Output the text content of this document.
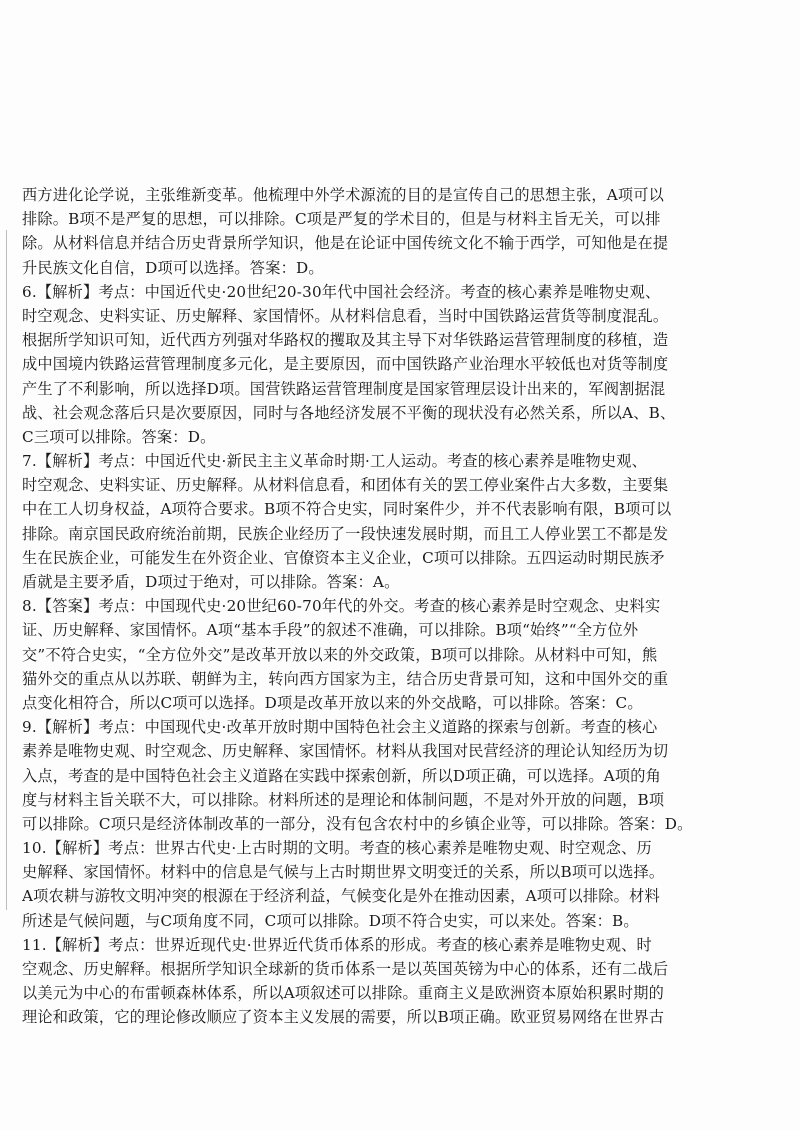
西方进化论学说，主张维新变革。他梳理中外学术源流的目的是宣传自己的思想主张，A项可以
排除。B项不是严复的思想，可以排除。C项是严复的学术目的，但是与材料主旨无关，可以排
除。从材料信息并结合历史背景所学知识，他是在论证中国传统文化不输于西学，可知他是在提
升民族文化自信，D项可以选择。答案：D。
6.【解析】考点：中国近代史·20世纪20-30年代中国社会经济。考查的核心素养是唯物史观、
时空观念、史料实证、历史解释、家国情怀。从材料信息看，当时中国铁路运营货等制度混乱。
根据所学知识可知，近代西方列强对华路权的攫取及其主导下对华铁路运营管理制度的移植，造
成中国境内铁路运营管理制度多元化，是主要原因，而中国铁路产业治理水平较低也对货等制度
产生了不利影响，所以选择D项。国营铁路运营管理制度是国家管理层设计出来的，军阀割据混
战、社会观念落后只是次要原因，同时与各地经济发展不平衡的现状没有必然关系，所以A、B、
C三项可以排除。答案：D。
7.【解析】考点：中国近代史·新民主主义革命时期·工人运动。考查的核心素养是唯物史观、
时空观念、史料实证、历史解释。从材料信息看，和团体有关的罢工停业案件占大多数，主要集
中在工人切身权益，A项符合要求。B项不符合史实，同时案件少，并不代表影响有限，B项可以
排除。南京国民政府统治前期，民族企业经历了一段快速发展时期，而且工人停业罢工不都是发
生在民族企业，可能发生在外资企业、官僚资本主义企业，C项可以排除。五四运动时期民族矛
盾就是主要矛盾，D项过于绝对，可以排除。答案：A。
8.【答案】考点：中国现代史·20世纪60-70年代的外交。考查的核心素养是时空观念、史料实
证、历史解释、家国情怀。A项“基本手段”的叙述不准确，可以排除。B项“始终”“全方位外
交”不符合史实，“全方位外交”是改革开放以来的外交政策，B项可以排除。从材料中可知，熊
猫外交的重点从以苏联、朝鲜为主，转向西方国家为主，结合历史背景可知，这和中国外交的重
点变化相符合，所以C项可以选择。D项是改革开放以来的外交战略，可以排除。答案：C。
9.【解析】考点：中国现代史·改革开放时期中国特色社会主义道路的探索与创新。考查的核心
素养是唯物史观、时空观念、历史解释、家国情怀。材料从我国对民营经济的理论认知经历为切
入点，考查的是中国特色社会主义道路在实践中探索创新，所以D项正确，可以选择。A项的角
度与材料主旨关联不大，可以排除。材料所述的是理论和体制问题，不是对外开放的问题，B项
可以排除。C项只是经济体制改革的一部分，没有包含农村中的乡镇企业等，可以排除。答案：D。
10.【解析】考点：世界古代史·上古时期的文明。考查的核心素养是唯物史观、时空观念、历
史解释、家国情怀。材料中的信息是气候与上古时期世界文明变迁的关系，所以B项可以选择。
A项农耕与游牧文明冲突的根源在于经济利益，气候变化是外在推动因素，A项可以排除。材料
所述是气候问题，与C项角度不同，C项可以排除。D项不符合史实，可以来处。答案：B。
11.【解析】考点：世界近现代史·世界近代货币体系的形成。考查的核心素养是唯物史观、时
空观念、历史解释。根据所学知识全球新的货币体系一是以英国英镑为中心的体系，还有二战后
以美元为中心的布雷顿森林体系，所以A项叙述可以排除。重商主义是欧洲资本原始积累时期的
理论和政策，它的理论修改顺应了资本主义发展的需要，所以B项正确。欧亚贸易网络在世界古
